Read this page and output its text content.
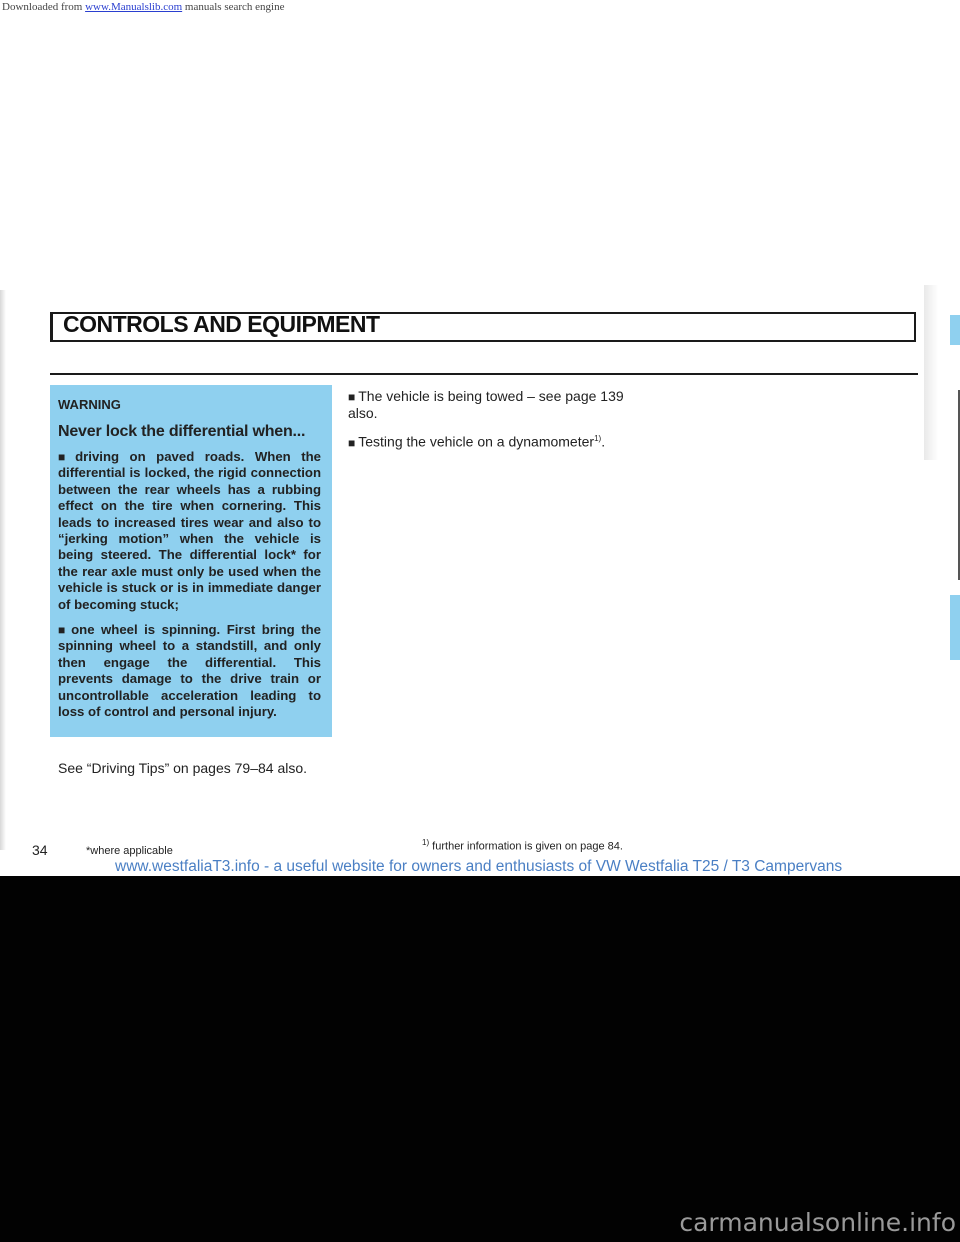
Downloaded from www.Manualslib.com manuals search engine
CONTROLS AND EQUIPMENT
WARNING
Never lock the differential when...

■ driving on paved roads. When the differential is locked, the rigid connection between the rear wheels has a rubbing effect on the tire when cornering. This leads to increased tires wear and also to “jerking motion” when the vehicle is being steered. The differential lock* for the rear axle must only be used when the vehicle is stuck or is in immediate danger of becoming stuck;

■ one wheel is spinning. First bring the spinning wheel to a standstill, and only then engage the differential. This prevents damage to the drive train or uncontrollable acceleration leading to loss of control and personal injury.

See “Driving Tips” on pages 79–84 also.

■ The vehicle is being towed – see page 139 also.

■ Testing the vehicle on a dynamometer$^{1)}$.

34	*where applicable
$^{1)}$ further information is given on page 84.
www.westfaliaT3.info - a useful website for owners and enthusiasts of VW Westfalia T25 / T3 Campervans
carmanualsonline.info
